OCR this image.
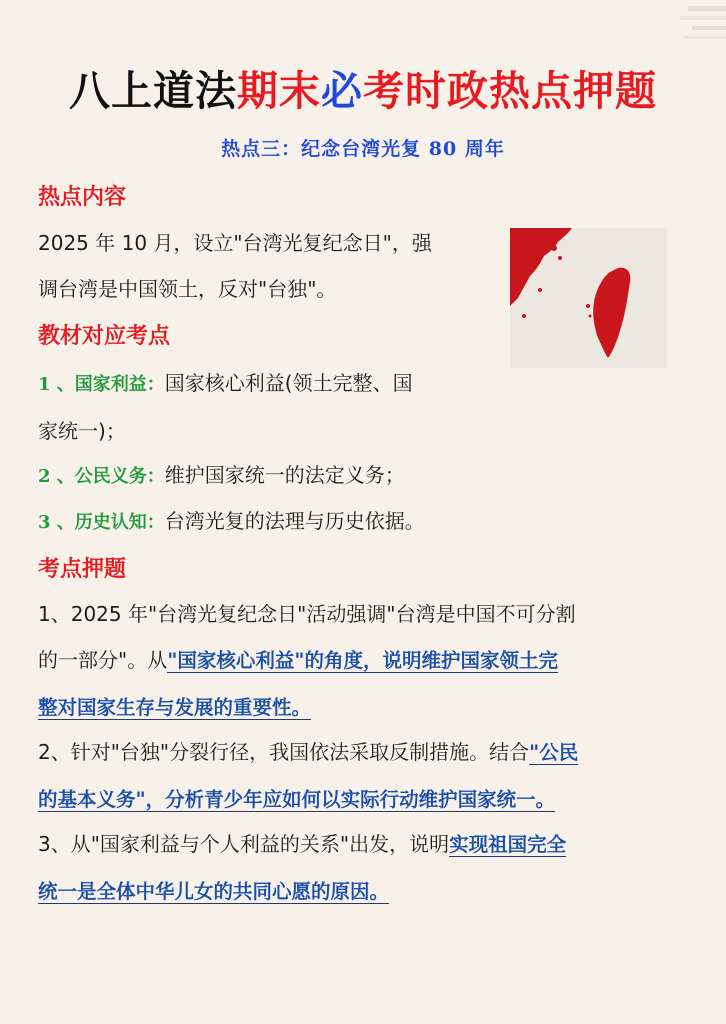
八上道法期末必考时政热点押题
热点三：纪念台湾光复 80 周年
热点内容
2025 年 10 月，设立"台湾光复纪念日"，强
调台湾是中国领土，反对"台独"。
教材对应考点
1 、国家利益：国家核心利益(领土完整、国
家统一)；
2 、公民义务：维护国家统一的法定义务；
3 、历史认知：台湾光复的法理与历史依据。
考点押题
1、2025 年"台湾光复纪念日"活动强调"台湾是中国不可分割
的一部分"。从"国家核心利益"的角度，说明维护国家领土完
整对国家生存与发展的重要性。
2、针对"台独"分裂行径，我国依法采取反制措施。结合"公民
的基本义务"，分析青少年应如何以实际行动维护国家统一。
3、从"国家利益与个人利益的关系"出发，说明实现祖国完全
统一是全体中华儿女的共同心愿的原因。
